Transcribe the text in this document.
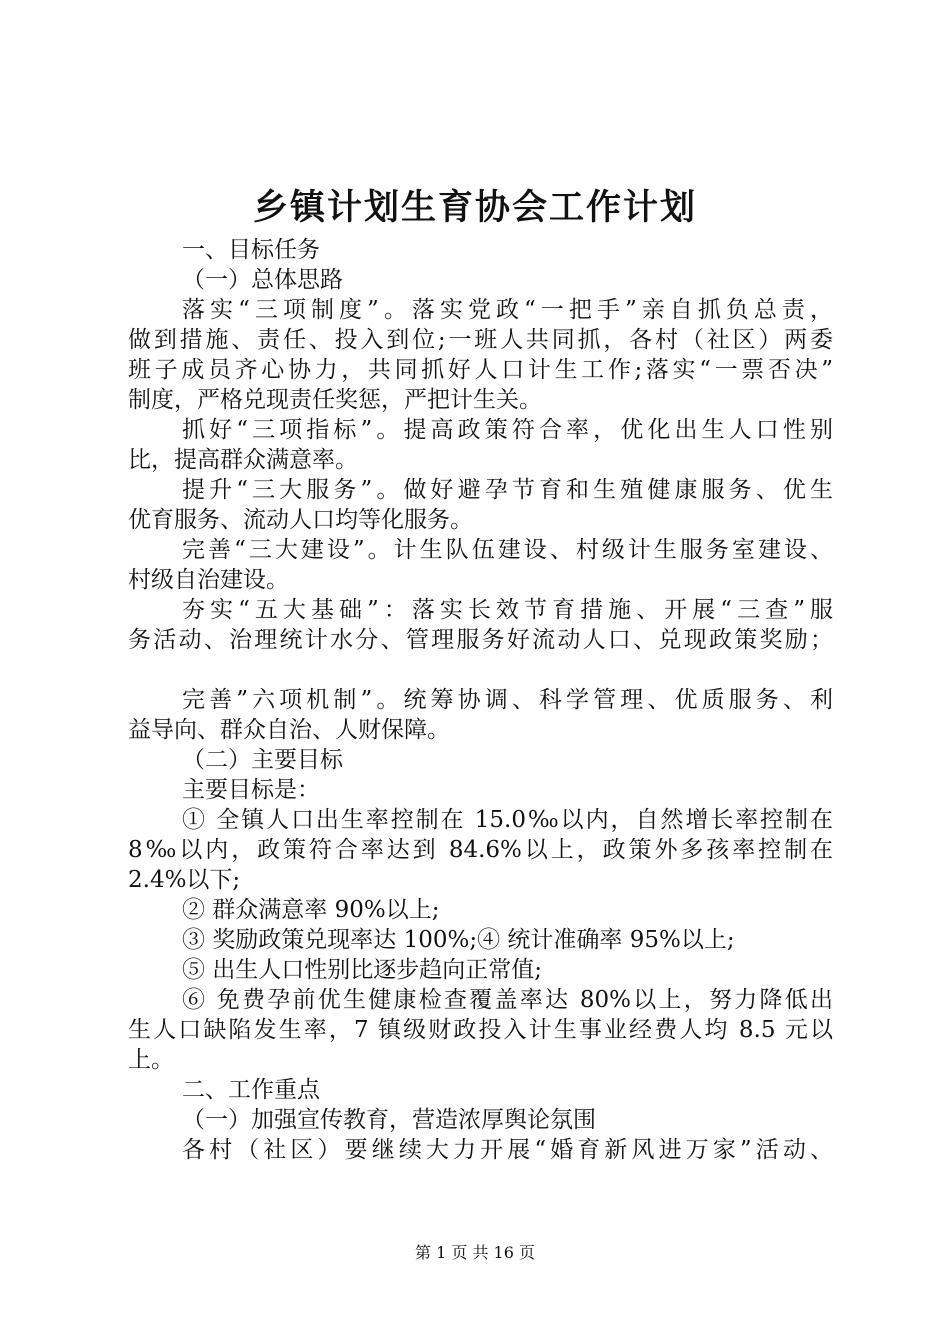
乡镇计划生育协会工作计划
一、目标任务
（一）总体思路
落实“三项制度”。落实党政“一把手”亲自抓负总责，
做到措施、责任、投入到位;一班人共同抓，各村（社区）两委
班子成员齐心协力，共同抓好人口计生工作;落实“一票否决”
制度，严格兑现责任奖惩，严把计生关。
抓好“三项指标”。提高政策符合率，优化出生人口性别
比，提高群众满意率。
提升“三大服务”。做好避孕节育和生殖健康服务、优生
优育服务、流动人口均等化服务。
完善“三大建设”。计生队伍建设、村级计生服务室建设、
村级自治建设。
夯实“五大基础”：落实长效节育措施、开展“三查”服
务活动、治理统计水分、管理服务好流动人口、兑现政策奖励；
完善”六项机制”。统筹协调、科学管理、优质服务、利
益导向、群众自治、人财保障。
（二）主要目标
主要目标是：
① 全镇人口出生率控制在 15.0‰以内，自然增长率控制在
8‰以内，政策符合率达到 84.6%以上，政策外多孩率控制在
2.4%以下;
② 群众满意率 90%以上;
③ 奖励政策兑现率达 100%;④ 统计准确率 95%以上;
⑤ 出生人口性别比逐步趋向正常值;
⑥ 免费孕前优生健康检查覆盖率达 80%以上，努力降低出
生人口缺陷发生率，7 镇级财政投入计生事业经费人均 8.5 元以
上。
二、工作重点
（一）加强宣传教育，营造浓厚舆论氛围
各村（社区）要继续大力开展“婚育新风进万家”活动、
第 1 页 共 16 页
